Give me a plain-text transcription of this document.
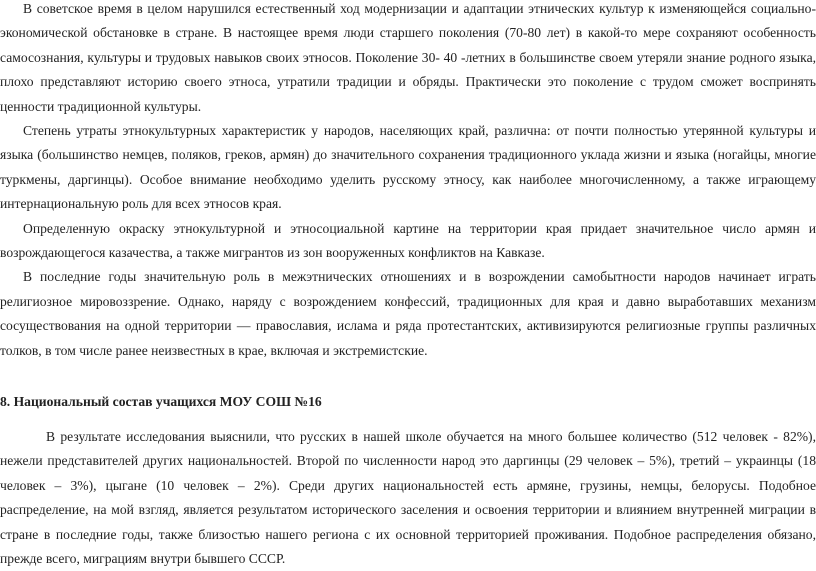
В советское время в целом нарушился естественный ход модернизации и адаптации этнических культур к изменяющейся социально-экономической обстановке в стране. В настоящее время люди старшего поколения (70-80 лет) в какой-то мере сохраняют особенность самосознания, культуры и трудовых навыков своих этносов. Поколение 30- 40 -летних в большинстве своем утеряли знание родного языка, плохо представляют историю своего этноса, утратили традиции и обряды. Практически это поколение с трудом сможет воспринять ценности традиционной культуры.

Степень утраты этнокультурных характеристик у народов, населяющих край, различна: от почти полностью утерянной культуры и языка (большинство немцев, поляков, греков, армян) до значительного сохранения традиционного уклада жизни и языка (ногайцы, многие туркмены, даргинцы). Особое внимание необходимо уделить русскому этносу, как наиболее многочисленному, а также играющему интернациональную роль для всех этносов края.

Определенную окраску этнокультурной и этносоциальной картине на территории края придает значительное число армян и возрождающегося казачества, а также мигрантов из зон вооруженных конфликтов на Кавказе.

В последние годы значительную роль в межэтнических отношениях и в возрождении самобытности народов начинает играть религиозное мировоззрение. Однако, наряду с возрождением конфессий, традиционных для края и давно выработавших механизм сосуществования на одной территории — православия, ислама и ряда протестантских, активизируются религиозные группы различных толков, в том числе ранее неизвестных в крае, включая и экстремистские.

8. Национальный состав учащихся МОУ СОШ №16

В результате исследования выяснили, что русских в нашей школе обучается на много большее количество (512 человек - 82%), нежели представителей других национальностей. Второй по численности народ это даргинцы (29 человек – 5%), третий – украинцы (18 человек – 3%), цыгане (10 человек – 2%). Среди других национальностей есть армяне, грузины, немцы, белорусы. Подобное распределение, на мой взгляд, является результатом исторического заселения и освоения территории и влиянием внутренней миграции в стране в последние годы, также близостью нашего региона с их основной территорией проживания. Подобное распределения обязано, прежде всего, миграциям внутри бывшего СССР.
